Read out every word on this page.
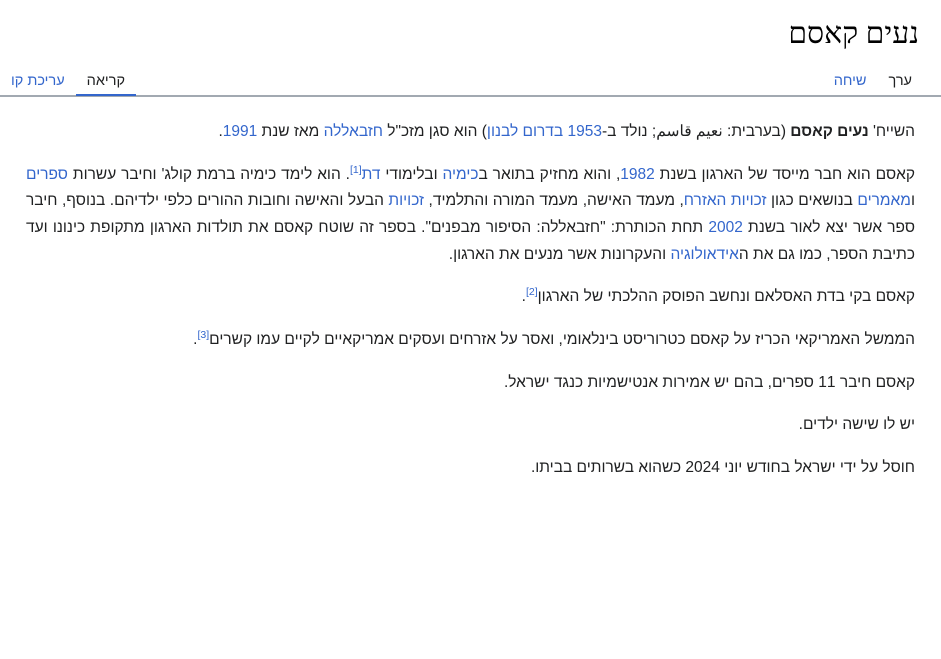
נעים קאסם
ערך
שיחה
קריאה
עריכת קו

השייח' נעים קאסם (בערבית: نعيم قاسم; נולד ב-1953 בדרום לבנון) הוא סגן מזכ"ל חזבאללה מאז שנת 1991.

קאסם הוא חבר מייסד של הארגון בשנת 1982, והוא מחזיק בתואר בכימיה ובלימודי דת[1]. הוא לימד כימיה ברמת קולג' וחיבר עשרות ספרים ומאמרים בנושאים כגון זכויות האזרח, מעמד האישה, מעמד המורה והתלמיד, זכויות הבעל והאישה וחובות ההורים כלפי ילדיהם. בנוסף, חיבר ספר אשר יצא לאור בשנת 2002 תחת הכותרת: "חזבאללה: הסיפור מבפנים". בספר זה שוטח קאסם את תולדות הארגון מתקופת כינונו ועד כתיבת הספר, כמו גם את האידאולוגיה והעקרונות אשר מנעים את הארגון.

קאסם בקי בדת האסלאם ונחשב הפוסק ההלכתי של הארגון[2].

הממשל האמריקאי הכריז על קאסם כטרוריסט בינלאומי, ואסר על אזרחים ועסקים אמריקאיים לקיים עמו קשרים[3].

קאסם חיבר 11 ספרים, בהם יש אמירות אנטישמיות כנגד ישראל.

יש לו שישה ילדים.

חוסל על ידי ישראל בחודש יוני 2024 כשהוא בשרותים בביתו.
